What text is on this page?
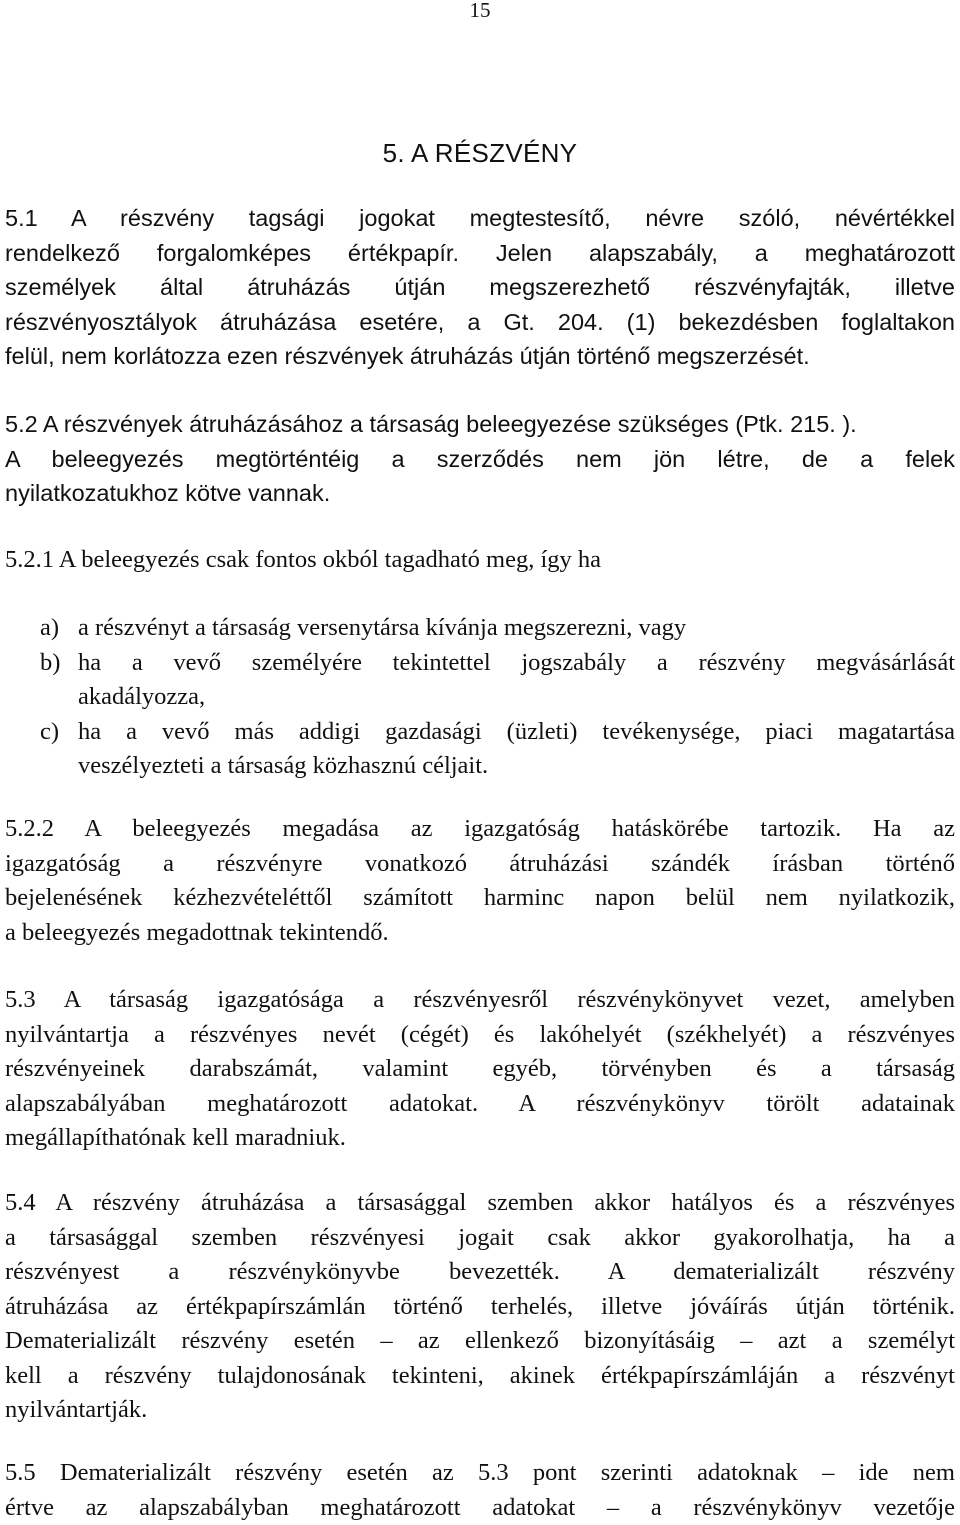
15
5. A RÉSZVÉNY
5.1 A részvény tagsági jogokat megtestesítő, névre szóló, névértékkel
rendelkező forgalomképes értékpapír. Jelen alapszabály, a meghatározott
személyek által átruházás útján megszerezhető részvényfajták, illetve
részvényosztályok átruházása esetére, a Gt. 204. (1) bekezdésben foglaltakon
felül, nem korlátozza ezen részvények átruházás útján történő megszerzését.
5.2 A részvények átruházásához a társaság beleegyezése szükséges (Ptk. 215. ).
A beleegyezés megtörténtéig a szerződés nem jön létre, de a felek
nyilatkozatukhoz kötve vannak.
5.2.1 A beleegyezés csak fontos okból tagadható meg, így ha
a) a részvényt a társaság versenytársa kívánja megszerezni, vagy
b) ha a vevő személyére tekintettel jogszabály a részvény megvásárlását
akadályozza,
c) ha a vevő más addigi gazdasági (üzleti) tevékenysége, piaci magatartása
veszélyezteti a társaság közhasznú céljait.
5.2.2 A beleegyezés megadása az igazgatóság hatáskörébe tartozik. Ha az
igazgatóság a részvényre vonatkozó átruházási szándék írásban történő
bejelenésének kézhezvételéttől számított harminc napon belül nem nyilatkozik,
a beleegyezés megadottnak tekintendő.
5.3 A társaság igazgatósága a részvényesről részvénykönyvet vezet, amelyben
nyilvántartja a részvényes nevét (cégét) és lakóhelyét (székhelyét) a részvényes
részvényeinek darabszámát, valamint egyéb, törvényben és a társaság
alapszabályában meghatározott adatokat. A részvénykönyv törölt adatainak
megállapíthatónak kell maradniuk.
5.4 A részvény átruházása a társasággal szemben akkor hatályos és a részvényes
a társasággal szemben részvényesi jogait csak akkor gyakorolhatja, ha a
részvényest a részvénykönyvbe bevezették. A dematerializált részvény
átruházása az értékpapírszámlán történő terhelés, illetve jóváírás útján történik.
Dematerializált részvény esetén – az ellenkező bizonyításáig – azt a személyt
kell a részvény tulajdonosának tekinteni, akinek értékpapírszámláján a részvényt
nyilvántartják.
5.5 Dematerializált részvény esetén az 5.3 pont szerinti adatoknak – ide nem
értve az alapszabályban meghatározott adatokat – a részvénykönyv vezetője
